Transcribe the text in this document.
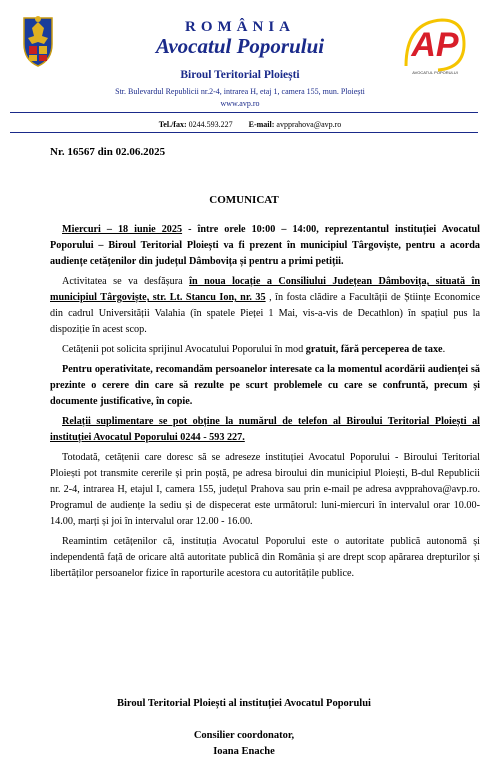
AP
AVOCATUL POPORULUI
ROMÂNIA
Avocatul Poporului
Biroul Teritorial Ploiești
Str. Bulevardul Republicii nr.2-4, intrarea H, etaj 1, camera 155, mun. Ploiești
www.avp.ro
Tel./fax: 0244.593.227 E-mail: avpprahova@avp.ro
Nr. 16567 din 02.06.2025
COMUNICAT

Miercuri – 18 iunie 2025 - între orele 10:00 – 14:00, reprezentantul instituției Avocatul Poporului – Biroul Teritorial Ploiești va fi prezent în municipiul Târgoviște, pentru a acorda audiențe cetățenilor din județul Dâmbovița și pentru a primi petiții.

Activitatea se va desfășura în noua locație a Consiliului Județean Dâmbovița, situată în municipiul Târgoviște, str. Lt. Stancu Ion, nr. 35 , în fosta clădire a Facultății de Științe Economice din cadrul Universității Valahia (în spatele Pieței 1 Mai, vis-a-vis de Decathlon) în spațiul pus la dispoziție în acest scop.

Cetățenii pot solicita sprijinul Avocatului Poporului în mod gratuit, fără perceperea de taxe.

Pentru operativitate, recomandăm persoanelor interesate ca la momentul acordării audienței să prezinte o cerere din care să rezulte pe scurt problemele cu care se confruntă, precum și documente justificative, în copie.

Relații suplimentare se pot obține la numărul de telefon al Biroului Teritorial Ploiești al instituției Avocatul Poporului 0244 - 593 227.

Totodată, cetățenii care doresc să se adreseze instituției Avocatul Poporului - Biroului Teritorial Ploiești pot transmite cererile și prin poștă, pe adresa biroului din municipiul Ploiești, B-dul Republicii nr. 2-4, intrarea H, etajul I, camera 155, județul Prahova sau prin e-mail pe adresa avpprahova@avp.ro. Programul de audiențe la sediu și de dispecerat este următorul: luni-miercuri în intervalul orar 10.00-14.00, marți și joi în intervalul orar 12.00 - 16.00.

Reamintim cetățenilor că, instituția Avocatul Poporului este o autoritate publică autonomă și independentă față de oricare altă autoritate publică din România și are drept scop apărarea drepturilor și libertăților persoanelor fizice în raporturile acestora cu autoritățile publice.

Biroul Teritorial Ploiești al instituției Avocatul Poporului
Consilier coordonator,
Ioana Enache
